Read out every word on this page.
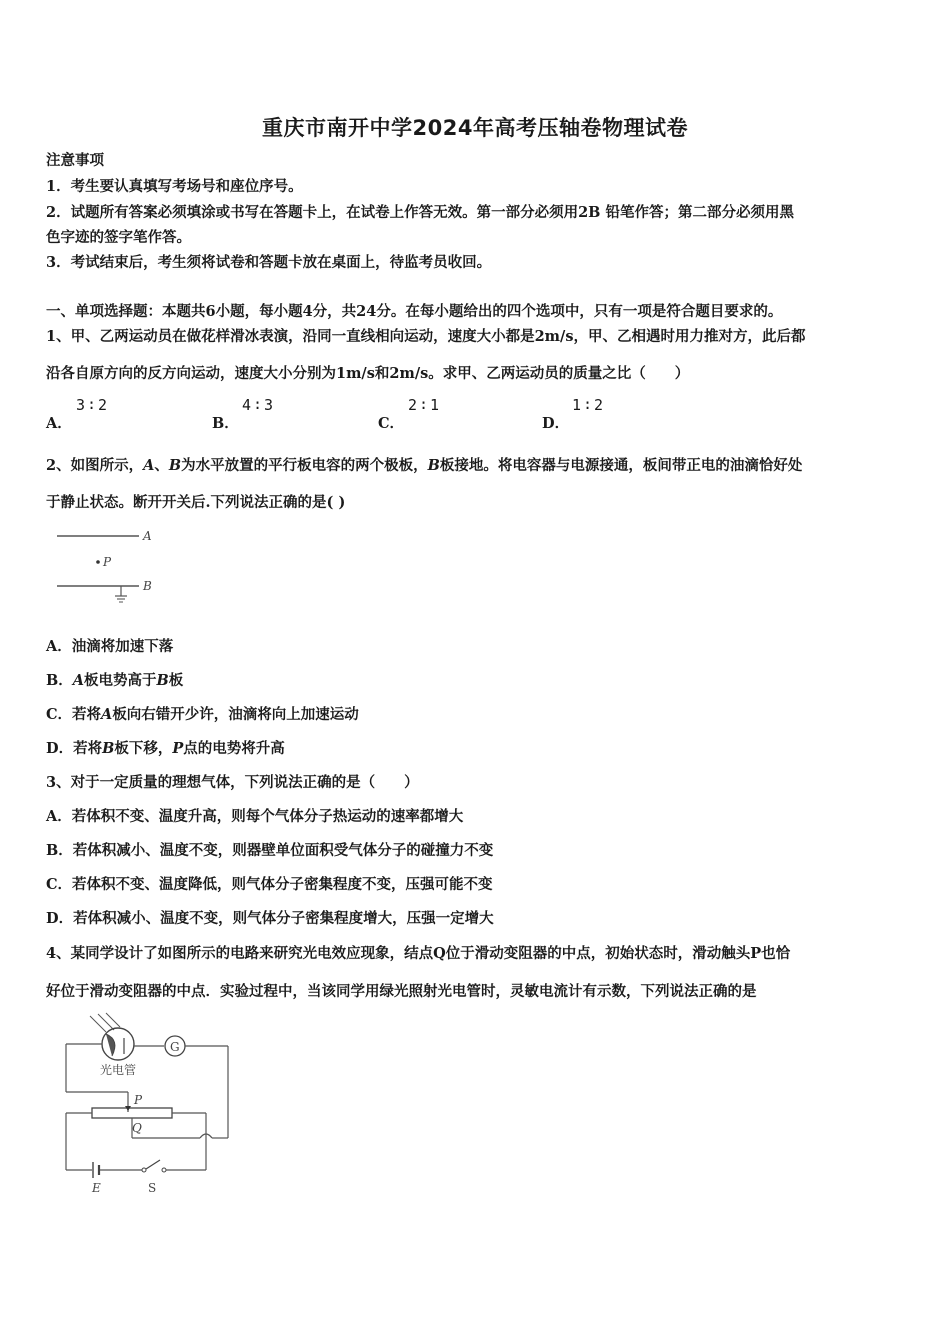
重庆市南开中学2024年高考压轴卷物理试卷
注意事项
1．考生要认真填写考场号和座位序号。
2．试题所有答案必须填涂或书写在答题卡上，在试卷上作答无效。第一部分必须用2B 铅笔作答；第二部分必须用黑
色字迹的签字笔作答。
3．考试结束后，考生须将试卷和答题卡放在桌面上，待监考员收回。
一、单项选择题：本题共6小题，每小题4分，共24分。在每小题给出的四个选项中，只有一项是符合题目要求的。
1、甲、乙两运动员在做花样滑冰表演，沿同一直线相向运动，速度大小都是2m/s，甲、乙相遇时用力推对方，此后都
沿各自原方向的反方向运动，速度大小分别为1m/s和2m/s。求甲、乙两运动员的质量之比（　　）
A．
3∶2
B．
4∶3
C．
2∶1
D．
1∶2
2、如图所示，A、B为水平放置的平行板电容的两个极板，B板接地。将电容器与电源接通，板间带正电的油滴恰好处
于静止状态。断开开关后.下列说法正确的是( )
A
P
B
A．油滴将加速下落
B．A板电势高于B板
C．若将A板向右错开少许，油滴将向上加速运动
D．若将B板下移，P点的电势将升高
3、对于一定质量的理想气体，下列说法正确的是（　　）
A．若体积不变、温度升高，则每个气体分子热运动的速率都增大
B．若体积减小、温度不变，则器壁单位面积受气体分子的碰撞力不变
C．若体积不变、温度降低，则气体分子密集程度不变，压强可能不变
D．若体积减小、温度不变，则气体分子密集程度增大，压强一定增大
4、某同学设计了如图所示的电路来研究光电效应现象，结点Q位于滑动变阻器的中点，初始状态时，滑动触头P也恰
好位于滑动变阻器的中点．实验过程中，当该同学用绿光照射光电管时，灵敏电流计有示数，下列说法正确的是
光电管
G
P
Q
E	S
